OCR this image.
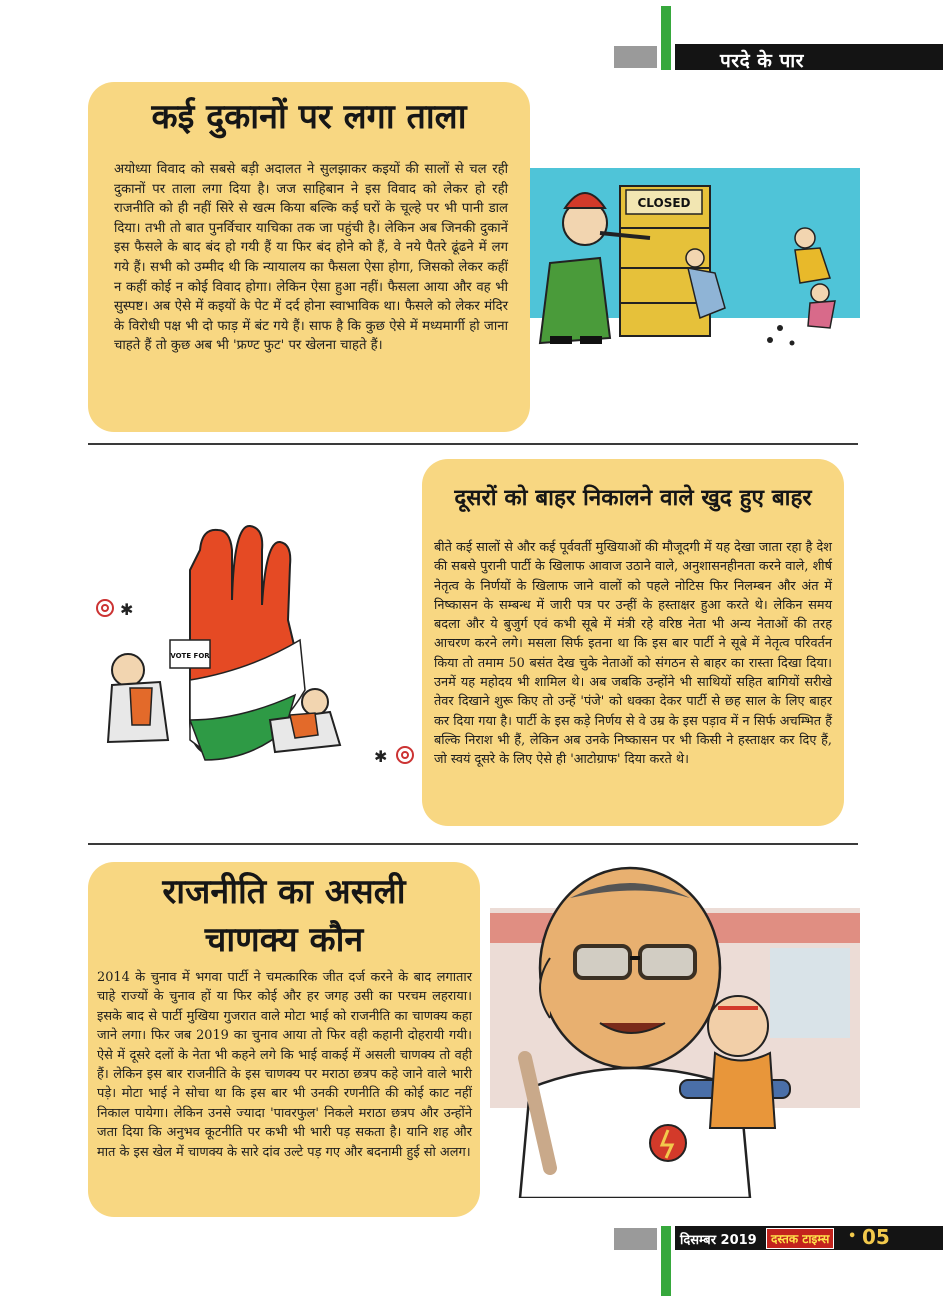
परदे के पार
कई दुकानों पर लगा ताला
अयोध्या विवाद को सबसे बड़ी अदालत ने सुलझाकर कइयों की सालों से चल रही दुकानों पर ताला लगा दिया है। जज साहिबान ने इस विवाद को लेकर हो रही राजनीति को ही नहीं सिरे से खत्म किया बल्कि कई घरों के चूल्हे पर भी पानी डाल दिया। तभी तो बात पुनर्विचार याचिका तक जा पहुंची है। लेकिन अब जिनकी दुकानें इस फैसले के बाद बंद हो गयी हैं या फिर बंद होने को हैं, वे नये पैतरे ढूंढने में लग गये हैं। सभी को उम्मीद थी कि न्यायालय का फैसला ऐसा होगा, जिसको लेकर कहीं न कहीं कोई न कोई विवाद होगा। लेकिन ऐसा हुआ नहीं। फैसला आया और वह भी सुस्पष्ट। अब ऐसे में कइयों के पेट में दर्द होना स्वाभाविक था। फैसले को लेकर मंदिर के विरोधी पक्ष भी दो फाड़ में बंट गये हैं। साफ है कि कुछ ऐसे में मध्यमार्गी हो जाना चाहते हैं तो कुछ अब भी 'फ्रण्ट फुट' पर खेलना चाहते हैं।
CLOSED
दूसरों को बाहर निकालने वाले खुद हुए बाहर
बीते कई सालों से और कई पूर्ववर्ती मुखियाओं की मौजूदगी में यह देखा जाता रहा है देश की सबसे पुरानी पार्टी के खिलाफ आवाज उठाने वाले, अनुशासनहीनता करने वाले, शीर्ष नेतृत्व के निर्णयों के खिलाफ जाने वालों को पहले नोटिस फिर निलम्बन और अंत में निष्कासन के सम्बन्ध में जारी पत्र पर उन्हीं के हस्ताक्षर हुआ करते थे। लेकिन समय बदला और ये बुजुर्ग एवं कभी सूबे में मंत्री रहे वरिष्ठ नेता भी अन्य नेताओं की तरह आचरण करने लगे। मसला सिर्फ इतना था कि इस बार पार्टी ने सूबे में नेतृत्व परिवर्तन किया तो तमाम 50 बसंत देख चुके नेताओं को संगठन से बाहर का रास्ता दिखा दिया। उनमें यह महोदय भी शामिल थे। अब जबकि उन्होंने भी साथियों सहित बागियों सरीखे तेवर दिखाने शुरू किए तो उन्हें 'पंजे' को धक्का देकर पार्टी से छह साल के लिए बाहर कर दिया गया है। पार्टी के इस कड़े निर्णय से वे उम्र के इस पड़ाव में न सिर्फ अचम्भित हैं बल्कि निराश भी हैं, लेकिन अब उनके निष्कासन पर भी किसी ने हस्ताक्षर कर दिए हैं, जो स्वयं दूसरे के लिए ऐसे ही 'आटोग्राफ' दिया करते थे।
VOTE FOR
✱
✱
राजनीति का असली
चाणक्य कौन
2014 के चुनाव में भगवा पार्टी ने चमत्कारिक जीत दर्ज करने के बाद लगातार चाहे राज्यों के चुनाव हों या फिर कोई और हर जगह उसी का परचम लहराया। इसके बाद से पार्टी मुखिया गुजरात वाले मोटा भाई को राजनीति का चाणक्य कहा जाने लगा। फिर जब 2019 का चुनाव आया तो फिर वही कहानी दोहरायी गयी। ऐसे में दूसरे दलों के नेता भी कहने लगे कि भाई वाकई में असली चाणक्य तो वही हैं। लेकिन इस बार राजनीति के इस चाणक्य पर मराठा छत्रप कहे जाने वाले भारी पड़े। मोटा भाई ने सोचा था कि इस बार भी उनकी रणनीति की कोई काट नहीं निकाल पायेगा। लेकिन उनसे ज्यादा 'पावरफुल' निकले मराठा छत्रप और उन्होंने जता दिया कि अनुभव कूटनीति पर कभी भी भारी पड़ सकता है। यानि शह और मात के इस खेल में चाणक्य के सारे दांव उल्टे पड़ गए और बदनामी हुई सो अलग।
दिसम्बर 2019	दस्तक टाइम्स	• 05
